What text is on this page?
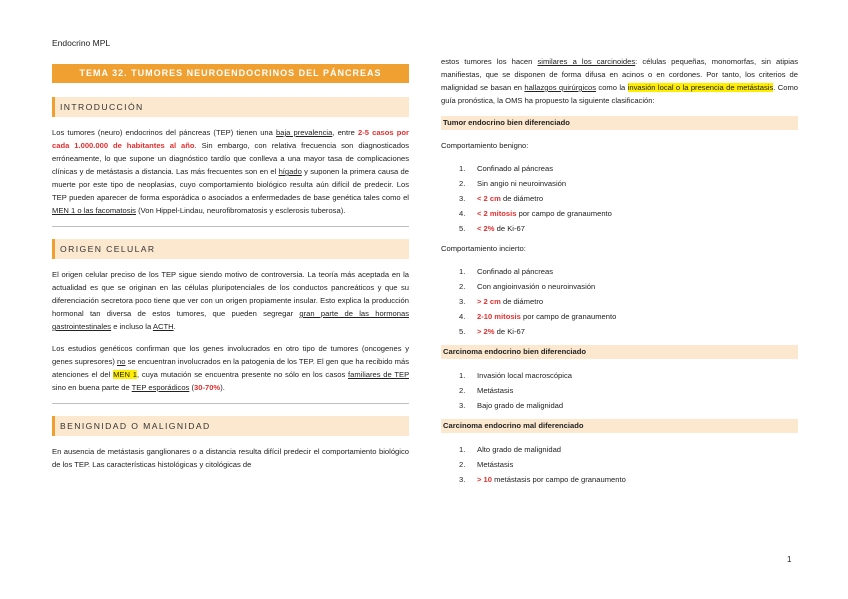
Endocrino MPL
TEMA 32. TUMORES NEUROENDOCRINOS DEL PÁNCREAS
INTRODUCCIÓN

Los tumores (neuro) endocrinos del páncreas (TEP) tienen una baja prevalencia, entre 2-5 casos por cada 1.000.000 de habitantes al año. Sin embargo, con relativa frecuencia son diagnosticados erróneamente, lo que supone un diagnóstico tardío que conlleva a una mayor tasa de complicaciones clínicas y de metástasis a distancia. Las más frecuentes son en el hígado y suponen la primera causa de muerte por este tipo de neoplasias, cuyo comportamiento biológico resulta aún difícil de predecir. Los TEP pueden aparecer de forma esporádica o asociados a enfermedades de base genética tales como el MEN 1 o las facomatosis (Von Hippel-Lindau, neurofibromatosis y esclerosis tuberosa).

ORIGEN CELULAR

El origen celular preciso de los TEP sigue siendo motivo de controversia. La teoría más aceptada en la actualidad es que se originan en las células pluripotenciales de los conductos pancreáticos y que su diferenciación secretora poco tiene que ver con un origen propiamente insular. Esto explica la producción hormonal tan diversa de estos tumores, que pueden segregar gran parte de las hormonas gastrointestinales e incluso la ACTH.

Los estudios genéticos confirman que los genes involucrados en otro tipo de tumores (oncogenes y genes supresores) no se encuentran involucrados en la patogenia de los TEP. El gen que ha recibido más atenciones el del MEN 1, cuya mutación se encuentra presente no sólo en los casos familiares de TEP sino en buena parte de TEP esporádicos (30-70%).

BENIGNIDAD O MALIGNIDAD

En ausencia de metástasis ganglionares o a distancia resulta difícil predecir el comportamiento biológico de los TEP. Las características histológicas y citológicas de

estos tumores los hacen similares a los carcinoides: células pequeñas, monomorfas, sin atipias manifiestas, que se disponen de forma difusa en acinos o en cordones. Por tanto, los criterios de malignidad se basan en hallazgos quirúrgicos como la invasión local o la presencia de metástasis. Como guía pronóstica, la OMS ha propuesto la siguiente clasificación:

Tumor endocrino bien diferenciado
Comportamiento benigno:
1. Confinado al páncreas
2. Sin angio ni neuroinvasión
3. < 2 cm de diámetro
4. < 2 mitosis por campo de granaumento
5. < 2% de Ki-67
Comportamiento incierto:
1. Confinado al páncreas
2. Con angioinvasión o neuroinvasión
3. > 2 cm de diámetro
4. 2-10 mitosis por campo de granaumento
5. > 2% de Ki-67
Carcinoma endocrino bien diferenciado
1. Invasión local macroscópica
2. Metástasis
3. Bajo grado de malignidad
Carcinoma endocrino mal diferenciado
1. Alto grado de malignidad
2. Metástasis
3. > 10 metástasis por campo de granaumento
1
